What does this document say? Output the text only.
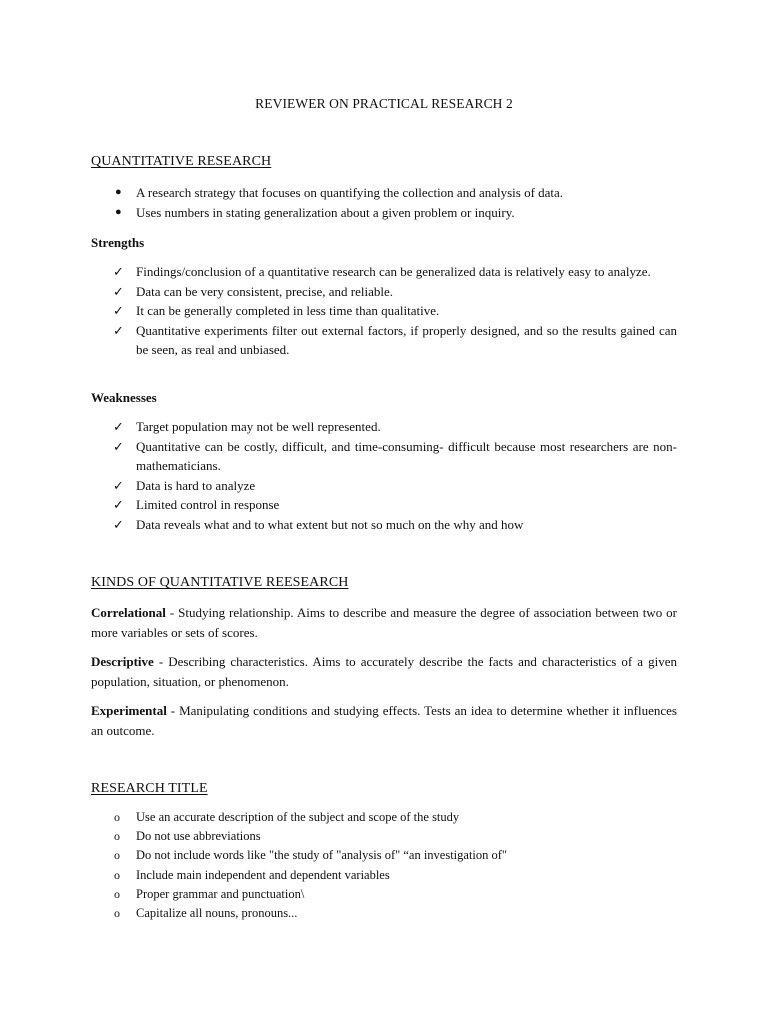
REVIEWER ON PRACTICAL RESEARCH 2
QUANTITATIVE RESEARCH
●	A research strategy that focuses on quantifying the collection and analysis of data.
●	Uses numbers in stating generalization about a given problem or inquiry.
Strengths
✓ Findings/conclusion of a quantitative research can be generalized data is relatively easy to analyze.
✓ Data can be very consistent, precise, and reliable.
✓ It can be generally completed in less time than qualitative.
✓ Quantitative experiments filter out external factors, if properly designed, and so the results gained can be seen, as real and unbiased.
Weaknesses
✓ Target population may not be well represented.
✓ Quantitative can be costly, difficult, and time-consuming- difficult because most researchers are non-mathematicians.
✓ Data is hard to analyze
✓ Limited control in response
✓ Data reveals what and to what extent but not so much on the why and how
KINDS OF QUANTITATIVE REESEARCH

Correlational - Studying relationship. Aims to describe and measure the degree of association between two or more variables or sets of scores.

Descriptive - Describing characteristics. Aims to accurately describe the facts and characteristics of a given population, situation, or phenomenon.

Experimental - Manipulating conditions and studying effects. Tests an idea to determine whether it influences an outcome.

RESEARCH TITLE
o	Use an accurate description of the subject and scope of the study
o	Do not use abbreviations
o	Do not include words like "the study of "analysis of" “an investigation of"
o	Include main independent and dependent variables
o	Proper grammar and punctuation\
o	Capitalize all nouns, pronouns...
